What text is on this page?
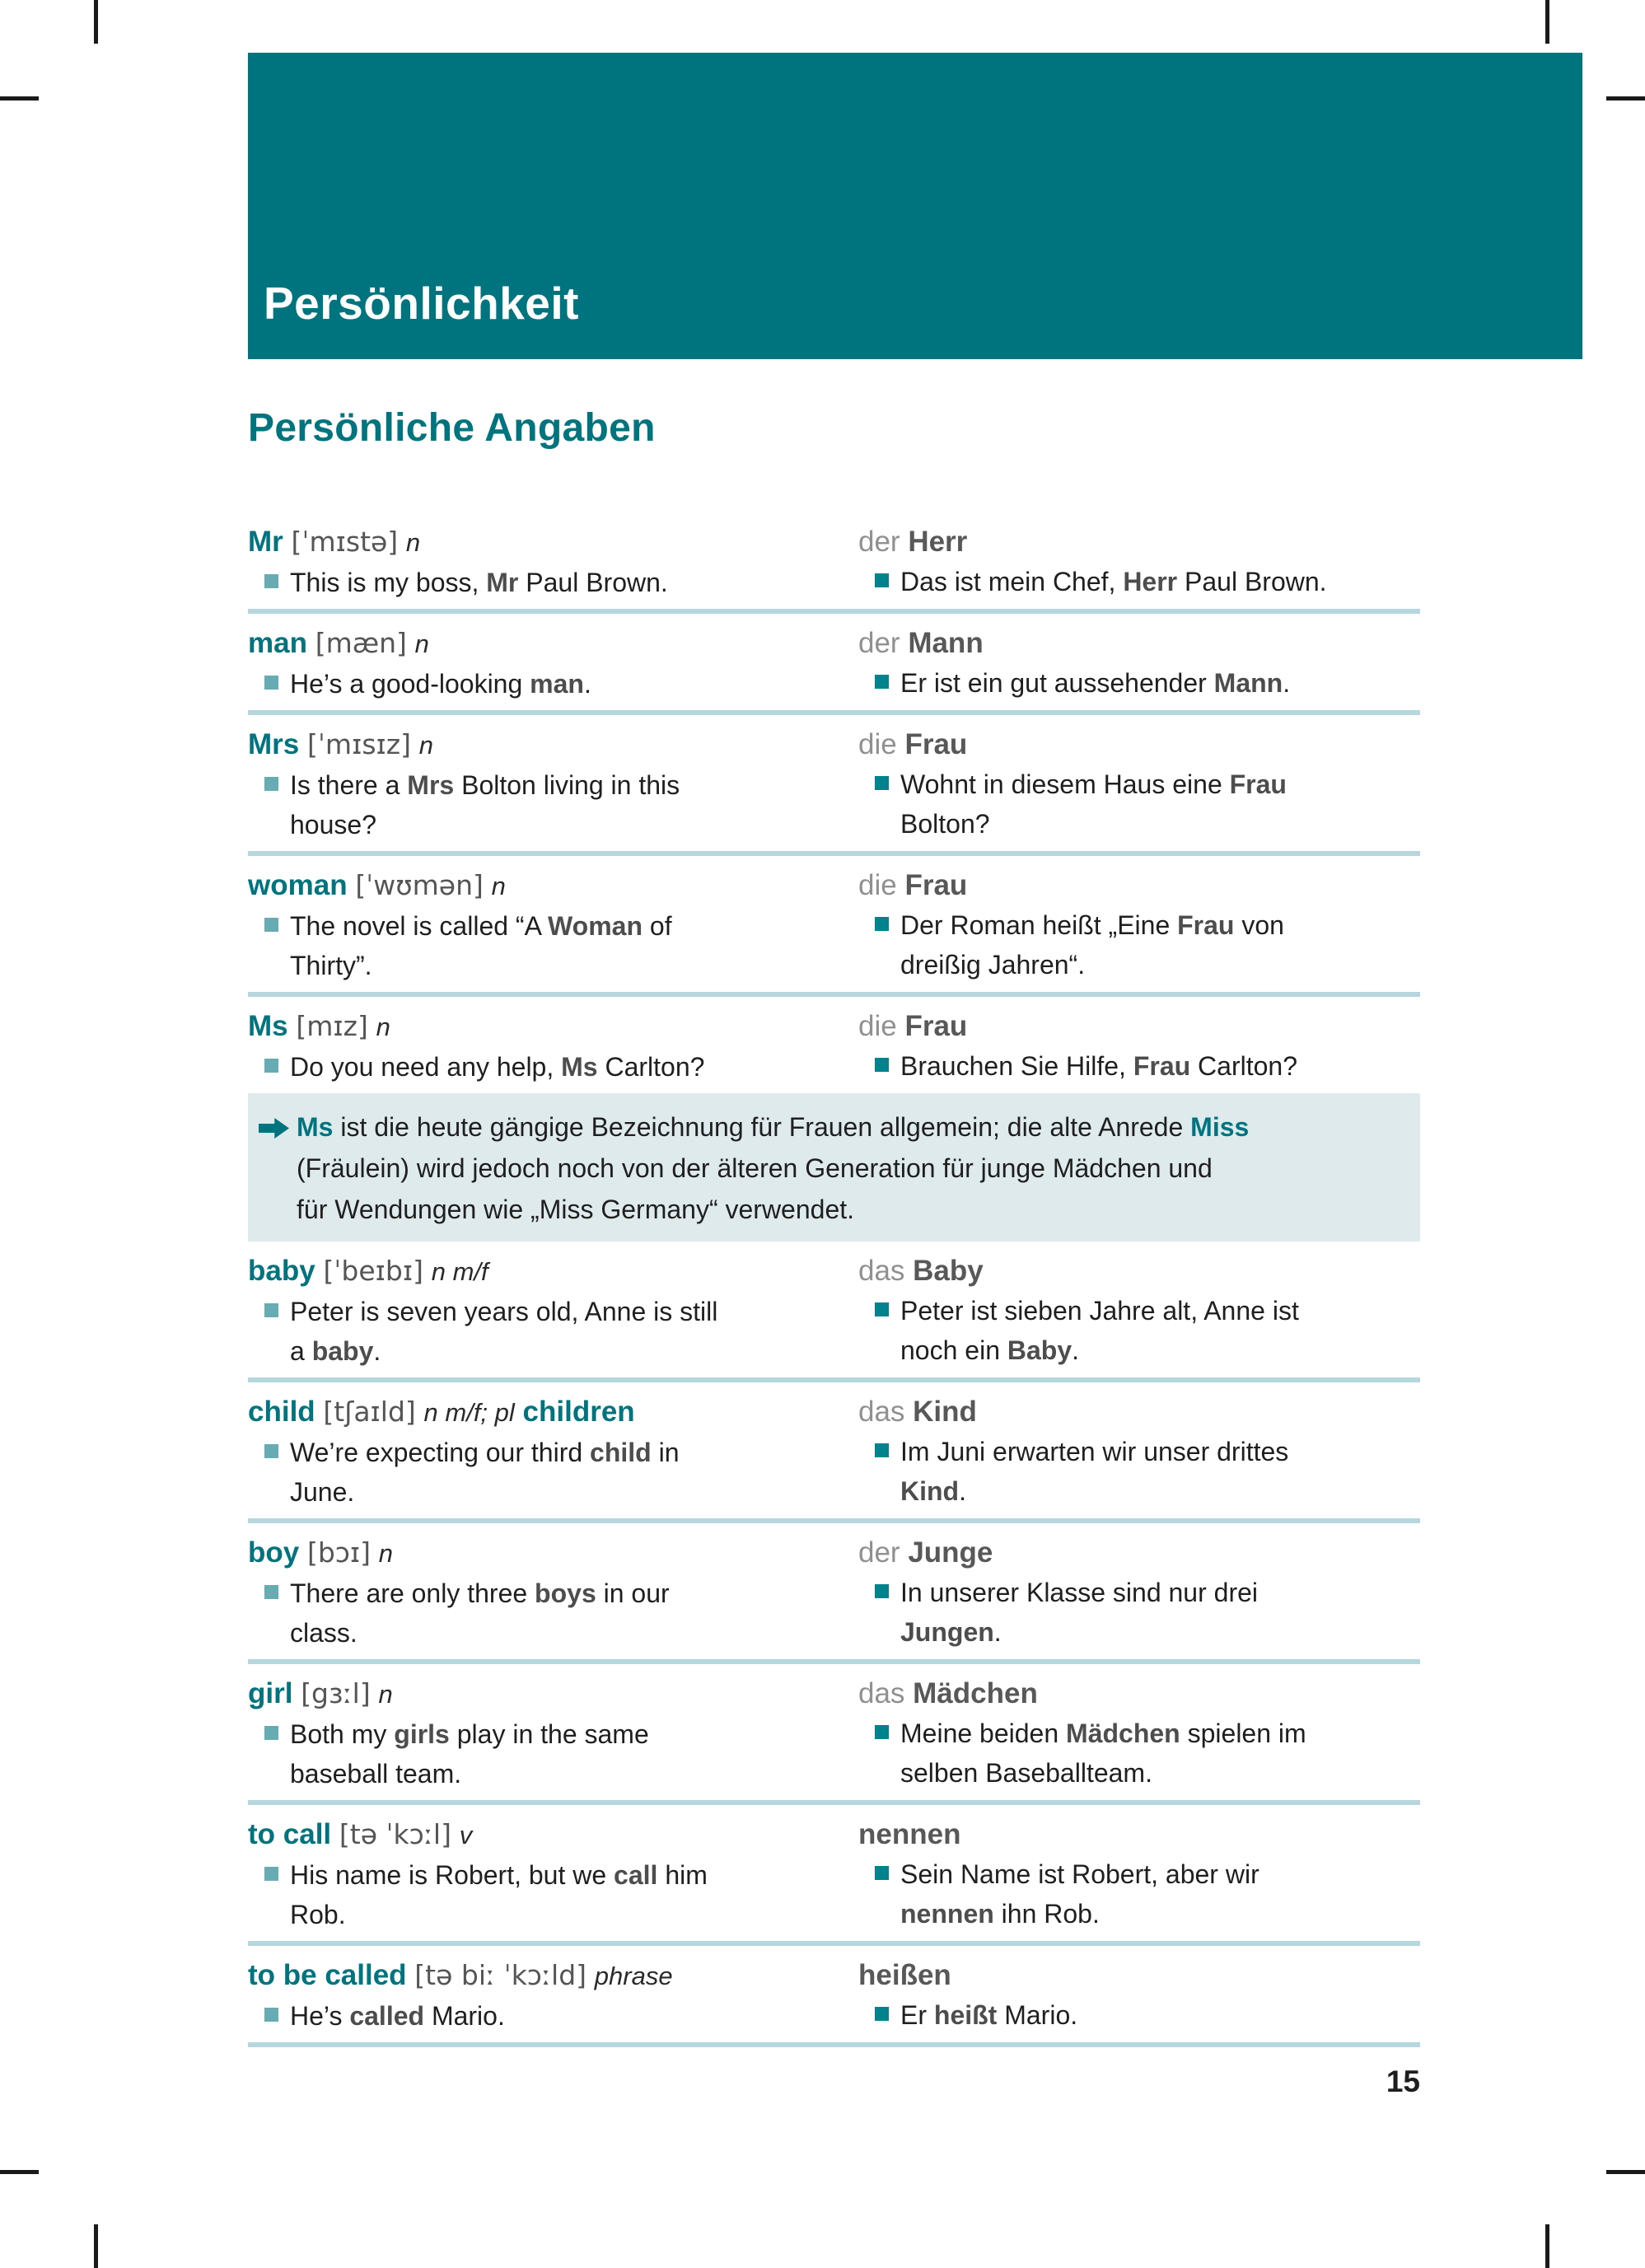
Persönlichkeit
Persönliche Angaben
Mr [ˈmɪstə] n
This is my boss, Mr Paul Brown.
der Herr
Das ist mein Chef, Herr Paul Brown.
man [mæn] n
He’s a good-looking man.
der Mann
Er ist ein gut aussehender Mann.
Mrs [ˈmɪsɪz] n
Is there a Mrs Bolton living in this
house?
die Frau
Wohnt in diesem Haus eine Frau
Bolton?
woman [ˈwʊmən] n
The novel is called “A Woman of
Thirty”.
die Frau
Der Roman heißt „Eine Frau von
dreißig Jahren“.
Ms [mɪz] n
Do you need any help, Ms Carlton?
die Frau
Brauchen Sie Hilfe, Frau Carlton?
Ms ist die heute gängige Bezeichnung für Frauen allgemein; die alte Anrede Miss
(Fräulein) wird jedoch noch von der älteren Generation für junge Mädchen und
für Wendungen wie „Miss Germany“ verwendet.
baby [ˈbeɪbɪ] n m/f
Peter is seven years old, Anne is still
a baby.
das Baby
Peter ist sieben Jahre alt, Anne ist
noch ein Baby.
child [tʃaɪld] n m/f; pl children
We’re expecting our third child in
June.
das Kind
Im Juni erwarten wir unser drittes
Kind.
boy [bɔɪ] n
There are only three boys in our
class.
der Junge
In unserer Klasse sind nur drei
Jungen.
girl [gɜːl] n
Both my girls play in the same
baseball team.
das Mädchen
Meine beiden Mädchen spielen im
selben Baseballteam.
to call [tə ˈkɔːl] v
His name is Robert, but we call him
Rob.
nennen
Sein Name ist Robert, aber wir
nennen ihn Rob.
to be called [tə biː ˈkɔːld] phrase
He’s called Mario.
heißen
Er heißt Mario.
15
